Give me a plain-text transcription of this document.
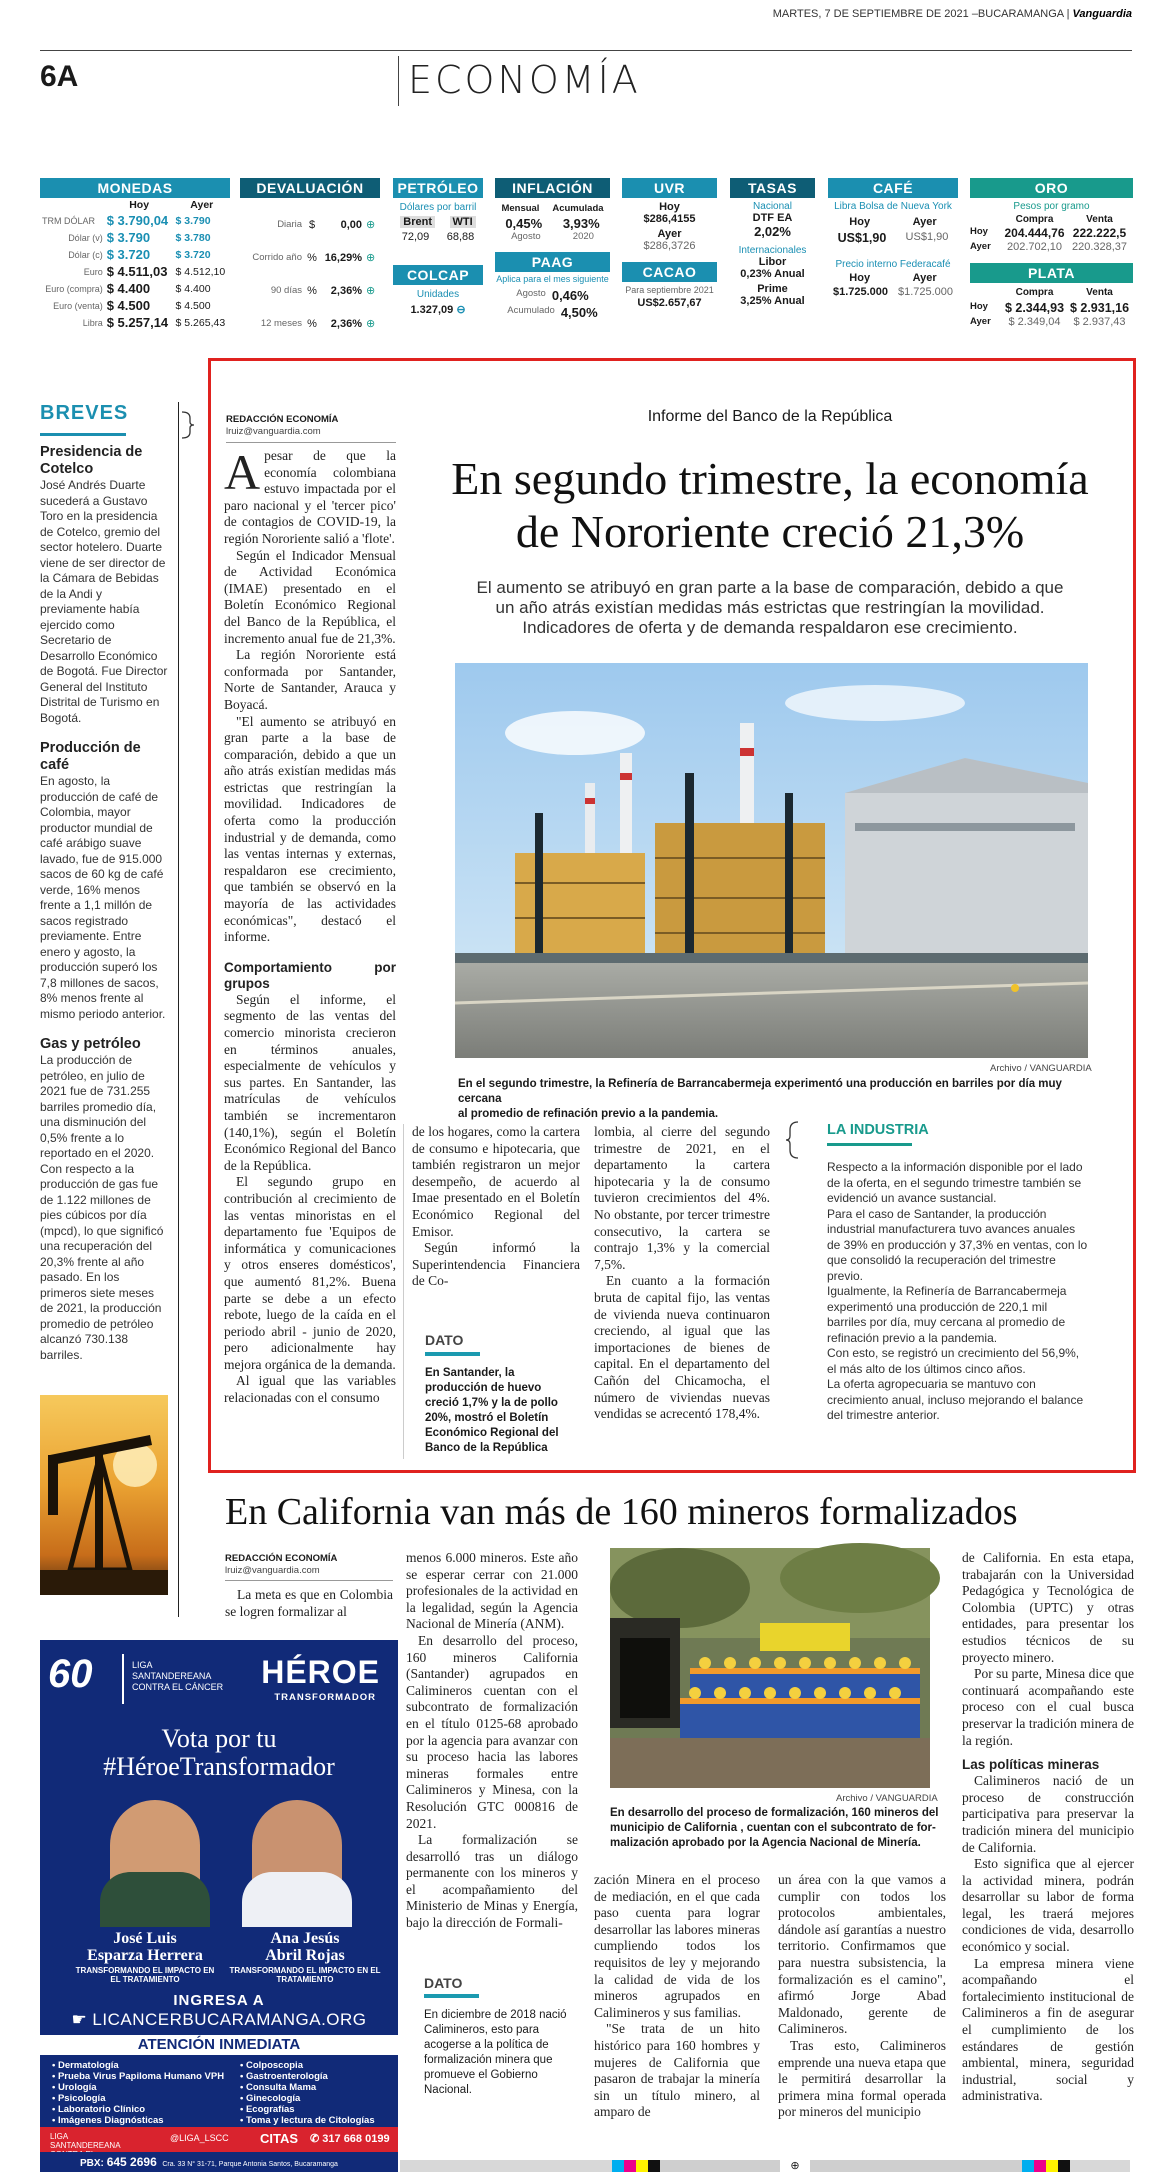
MARTES, 7 DE SEPTIEMBRE DE 2021 –BUCARAMANGA | Vanguardia
6A	ECONOMÍA
MONEDAS
	Hoy	Ayer
TRM DÓLAR	$ 3.790,04	$ 3.790
Dólar (v)	$ 3.790	$ 3.780
Dólar (c)	$ 3.720	$ 3.720
Euro	$ 4.511,03	$ 4.512,10
Euro (compra)	$ 4.400	$ 4.400
Euro (venta)	$ 4.500	$ 4.500
Libra	$ 5.257,14	$ 5.265,43
DEVALUACIÓN
Diaria $	0,00 ⊕
Corrido año % 16,29% ⊕
90 días %	2,36% ⊕
12 meses %	2,36% ⊕
PETRÓLEO
Dólares por barril
Brent WTI
72,09 68,88
COLCAP
Unidades
1.327,09 ⊖
INFLACIÓN
Mensual Acumulada
0,45% 3,93%
Agosto	2020
PAAG
Aplica para el mes siguiente
Agosto 0,46%
Acumulado 4,50%
UVR
Hoy
$286,4155
Ayer
$286,3726
CACAO
Para septiembre 2021
US$2.657,67
TASAS
Nacional
DTF EA
2,02%
Internacionales
Libor
0,23% Anual
Prime
3,25% Anual
CAFÉ
Libra Bolsa de Nueva York
Hoy	Ayer
US$1,90 US$1,90
Precio interno Federacafé
Hoy	Ayer
$1.725.000 $1.725.000
ORO
Pesos por gramo
Compra	Venta
Hoy	204.444,76 222.222,5
Ayer	202.702,10 220.328,37
PLATA
Compra	Venta
Hoy	$ 2.344,93 $ 2.931,16
Ayer	$ 2.349,04	$ 2.937,43
BREVES
Presidencia de Cotelco
José Andrés Duarte sucederá a Gustavo Toro en la presidencia de Cotelco, gremio del sector hotelero. Duarte viene de ser director de la Cámara de Bebidas de la Andi y previamente había ejercido como Secretario de Desarrollo Económico de Bogotá. Fue Director General del Instituto Distrital de Turismo en Bogotá.
Producción de café
En agosto, la producción de café de Colombia, mayor productor mundial de café arábigo suave lavado, fue de 915.000 sacos de 60 kg de café verde, 16% menos frente a 1,1 millón de sacos registrado previamente. Entre enero y agosto, la producción superó los 7,8 millones de sacos, 8% menos frente al mismo periodo anterior.
Gas y petróleo
La producción de petróleo, en julio de 2021 fue de 731.255 barriles promedio día, una disminución del 0,5% frente a lo reportado en el 2020. Con respecto a la producción de gas fue de 1.122 millones de pies cúbicos por día (mpcd), lo que significó una recuperación del 20,3% frente al año pasado. En los primeros siete meses de 2021, la producción promedio de petróleo alcanzó 730.138 barriles.
REDACCIÓN ECONOMÍA
lruiz@vanguardia.com
Informe del Banco de la República
En segundo trimestre, la economía
de Nororiente creció 21,3%
El aumento se atribuyó en gran parte a la base de comparación, debido a que
un año atrás existían medidas más estrictas que restringían la movilidad.
Indicadores de oferta y de demanda respaldaron ese crecimiento.

Apesar de que la economía colombiana estuvo impactada por el paro nacional y el 'tercer pico' de contagios de COVID-19, la región Nororiente salió a 'flote'.

Según el Indicador Mensual de Actividad Económica (IMAE) presentado en el Boletín Económico Regional del Banco de la República, el incremento anual fue de 21,3%.

La región Nororiente está conformada por Santander, Norte de Santander, Arauca y Boyacá.

"El aumento se atribuyó en gran parte a la base de comparación, debido a que un año atrás existían medidas más estrictas que restringían la movilidad. Indicadores de oferta como la producción industrial y de demanda, como las ventas internas y externas, respaldaron ese crecimiento, que también se observó en la mayoría de las actividades económicas", destacó el informe.

Comportamiento por grupos

Según el informe, el segmento de las ventas del comercio minorista crecieron en términos anuales, especialmente de vehículos y sus partes. En Santander, las matrículas de vehículos también se incrementaron (140,1%), según el Boletín Económico Regional del Banco de la República.

El segundo grupo en contribución al crecimiento de las ventas minoristas en el departamento fue 'Equipos de informática y comunicaciones y otros enseres domésticos', que aumentó 81,2%. Buena parte se debe a un efecto rebote, luego de la caída en el periodo abril - junio de 2020, pero adicionalmente hay mejora orgánica de la demanda.

Al igual que las variables relacionadas con el consumo

Archivo / VANGUARDIA
En el segundo trimestre, la Refinería de Barrancabermeja experimentó una producción en barriles por día muy cercana
al promedio de refinación previo a la pandemia.

de los hogares, como la cartera de consumo e hipotecaria, que también registraron un mejor desempeño, de acuerdo al Imae presentado en el Boletín Económico Regional del Emisor.

Según informó la Superintendencia Financiera de Co-

DATO
En Santander, la producción de huevo creció 1,7% y la de pollo 20%, mostró el Boletín Económico Regional del Banco de la República

lombia, al cierre del segundo trimestre de 2021, en el departamento la cartera hipotecaria y la de consumo tuvieron crecimientos del 4%. No obstante, por tercer trimestre consecutivo, la cartera se contrajo 1,3% y la comercial 7,5%.

En cuanto a la formación bruta de capital fijo, las ventas de vivienda nueva continuaron creciendo, al igual que las importaciones de bienes de capital. En el departamento del Cañón del Chicamocha, el número de viviendas nuevas vendidas se acrecentó 178,4%.

LA INDUSTRIA
Respecto a la información disponible por el lado de la oferta, en el segundo trimestre también se evidenció un avance sustancial.
Para el caso de Santander, la producción industrial manufacturera tuvo avances anuales de 39% en producción y 37,3% en ventas, con lo que consolidó la recuperación del trimestre previo.
Igualmente, la Refinería de Barrancabermeja experimentó una producción de 220,1 mil barriles por día, muy cercana al promedio de refinación previo a la pandemia.
Con esto, se registró un crecimiento del 56,9%, el más alto de los últimos cinco años.
La oferta agropecuaria se mantuvo con crecimiento anual, incluso mejorando el balance del trimestre anterior.
En California van más de 160 mineros formalizados
REDACCIÓN ECONOMÍA
lruiz@vanguardia.com

La meta es que en Colombia se logren formalizar al

menos 6.000 mineros. Este año se esperar cerrar con 21.000 profesionales de la actividad en la legalidad, según la Agencia Nacional de Minería (ANM).

En desarrollo del proceso, 160 mineros California (Santander) agrupados en Calimineros cuentan con el subcontrato de formalización en el título 0125-68 aprobado por la agencia para avanzar con su proceso hacia las labores mineras formales entre Calimineros y Minesa, con la Resolución GTC 000816 de 2021.

La formalización se desarrolló tras un diálogo permanente con los mineros y el acompañamiento del Ministerio de Minas y Energía, bajo la dirección de Formali-

Archivo / VANGUARDIA
En desarrollo del proceso de formalización, 160 mineros del
municipio de California , cuentan con el subcontrato de for-
malización aprobado por la Agencia Nacional de Minería.
DATO
En diciembre de 2018 nació Calimineros, esto para acogerse a la política de formalización minera que promueve el Gobierno Nacional.

zación Minera en el proceso de mediación, en el que cada paso cuenta para lograr desarrollar las labores mineras cumpliendo todos los requisitos de ley y mejorando la calidad de vida de los mineros agrupados en Calimineros y sus familias.

"Se trata de un hito histórico para 160 hombres y mujeres de California que pasaron de trabajar la minería sin un título minero, al amparo de

un área con la que vamos a cumplir con todos los protocolos ambientales, dándole así garantías a nuestro territorio. Confirmamos que para nuestra subsistencia, la formalización es el camino", afirmó Jorge Abad Maldonado, gerente de Calimineros.

Tras esto, Calimineros emprende una nueva etapa que le permitirá desarrollar la primera mina formal operada por mineros del municipio

de California. En esta etapa, trabajarán con la Universidad Pedagógica y Tecnológica de Colombia (UPTC) y otras entidades, para presentar los estudios técnicos de su proyecto minero.

Por su parte, Minesa dice que continuará acompañando este proceso con el cual busca preservar la tradición minera de la región.

Las políticas mineras

Calimineros nació de un proceso de construcción participativa para preservar la tradición minera del municipio de California.

Esto significa que al ejercer la actividad minera, podrán desarrollar su labor de forma legal, les traerá mejores condiciones de vida, desarrollo económico y social.

La empresa minera viene acompañando el fortalecimiento institucional de Calimineros a fin de asegurar el cumplimiento de los estándares de gestión ambiental, minera, seguridad industrial, social y administrativa.

60	LIGA SANTANDEREANA CONTRA EL CÁNCER HÉROE
TRANSFORMADOR
Vota por tu
#HéroeTransformador
José Luis
Esparza Herrera
TRANSFORMANDO EL IMPACTO EN EL TRATAMIENTO
Ana Jesús
Abril Rojas
TRANSFORMANDO EL IMPACTO EN EL TRATAMIENTO
INGRESA A
☛ LICANCERBUCARAMANGA.ORG
ATENCIÓN INMEDIATA
• Dermatología
• Prueba Virus Papiloma Humano VPH
• Urología
• Psicología
• Laboratorio Clínico
• Imágenes Diagnósticas
• Colposcopia
• Gastroenterología
• Consulta Mama
• Ginecología
• Ecografías
• Toma y lectura de Citologías
LIGA SANTANDEREANA
@LIGA_LSCC CITAS ✆ 317 668 0199
PBX: 645 2696 Cra. 33 N° 31-71, Parque Antonia Santos, Bucaramanga	⊕
